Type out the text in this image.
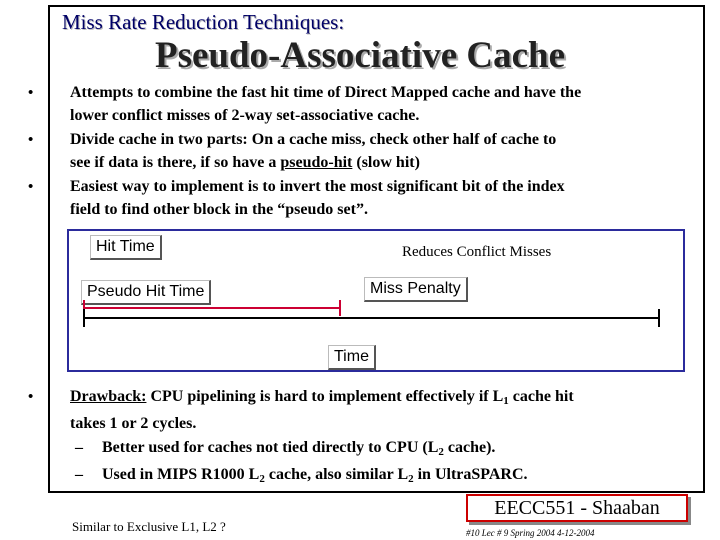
Miss Rate Reduction Techniques:
Pseudo-Associative Cache
• Attempts to combine the fast hit time of Direct Mapped cache and have the
lower conflict misses of 2-way set-associative cache.
• Divide cache in two parts: On a cache miss, check other half of cache to
see if data is there, if so have a pseudo-hit (slow hit)
• Easiest way to implement is to invert the most significant bit of the index
field to find other block in the “pseudo set”.
Hit Time	Reduces Conflict Misses
Pseudo Hit Time	Miss Penalty
Time
• Drawback: CPU pipelining is hard to implement effectively if $L_1$ cache hit
takes 1 or 2 cycles.
– Better used for caches not tied directly to CPU ($L_2$ cache).
– Used in MIPS R1000 $L_2$ cache, also similar $L_2$ in UltraSPARC.
Similar to Exclusive L1, L2 ?
EECC551 - Shaaban
#10 Lec # 9 Spring 2004 4-12-2004
